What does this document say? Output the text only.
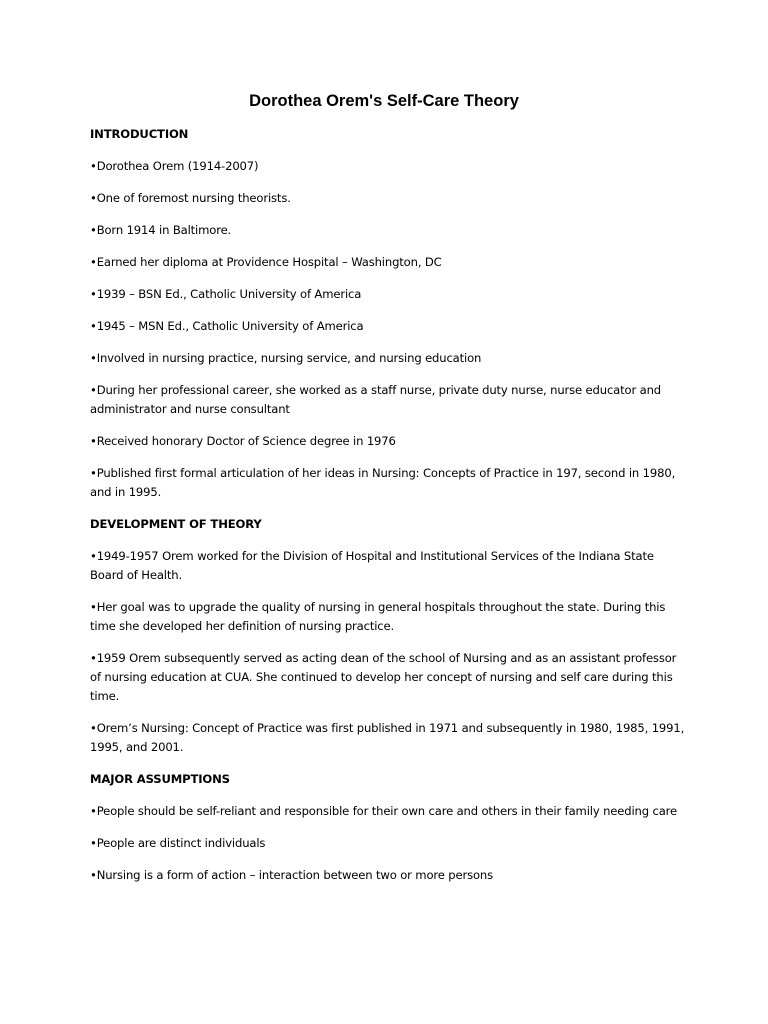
Dorothea Orem's Self-Care Theory
INTRODUCTION
•Dorothea Orem (1914-2007)
•One of foremost nursing theorists.
•Born 1914 in Baltimore.
•Earned her diploma at Providence Hospital – Washington, DC
•1939 – BSN Ed., Catholic University of America
•1945 – MSN Ed., Catholic University of America
•Involved in nursing practice, nursing service, and nursing education
•During her professional career, she worked as a staff nurse, private duty nurse, nurse educator and administrator and nurse consultant
•Received honorary Doctor of Science degree in 1976
•Published first formal articulation of her ideas in Nursing: Concepts of Practice in 197, second in 1980, and in 1995.
DEVELOPMENT OF THEORY
•1949-1957 Orem worked for the Division of Hospital and Institutional Services of the Indiana State Board of Health.
•Her goal was to upgrade the quality of nursing in general hospitals throughout the state. During this time she developed her definition of nursing practice.
•1959 Orem subsequently served as acting dean of the school of Nursing and as an assistant professor of nursing education at CUA. She continued to develop her concept of nursing and self care during this time.
•Orem’s Nursing: Concept of Practice was first published in 1971 and subsequently in 1980, 1985, 1991, 1995, and 2001.
MAJOR ASSUMPTIONS
•People should be self-reliant and responsible for their own care and others in their family needing care
•People are distinct individuals
•Nursing is a form of action – interaction between two or more persons
